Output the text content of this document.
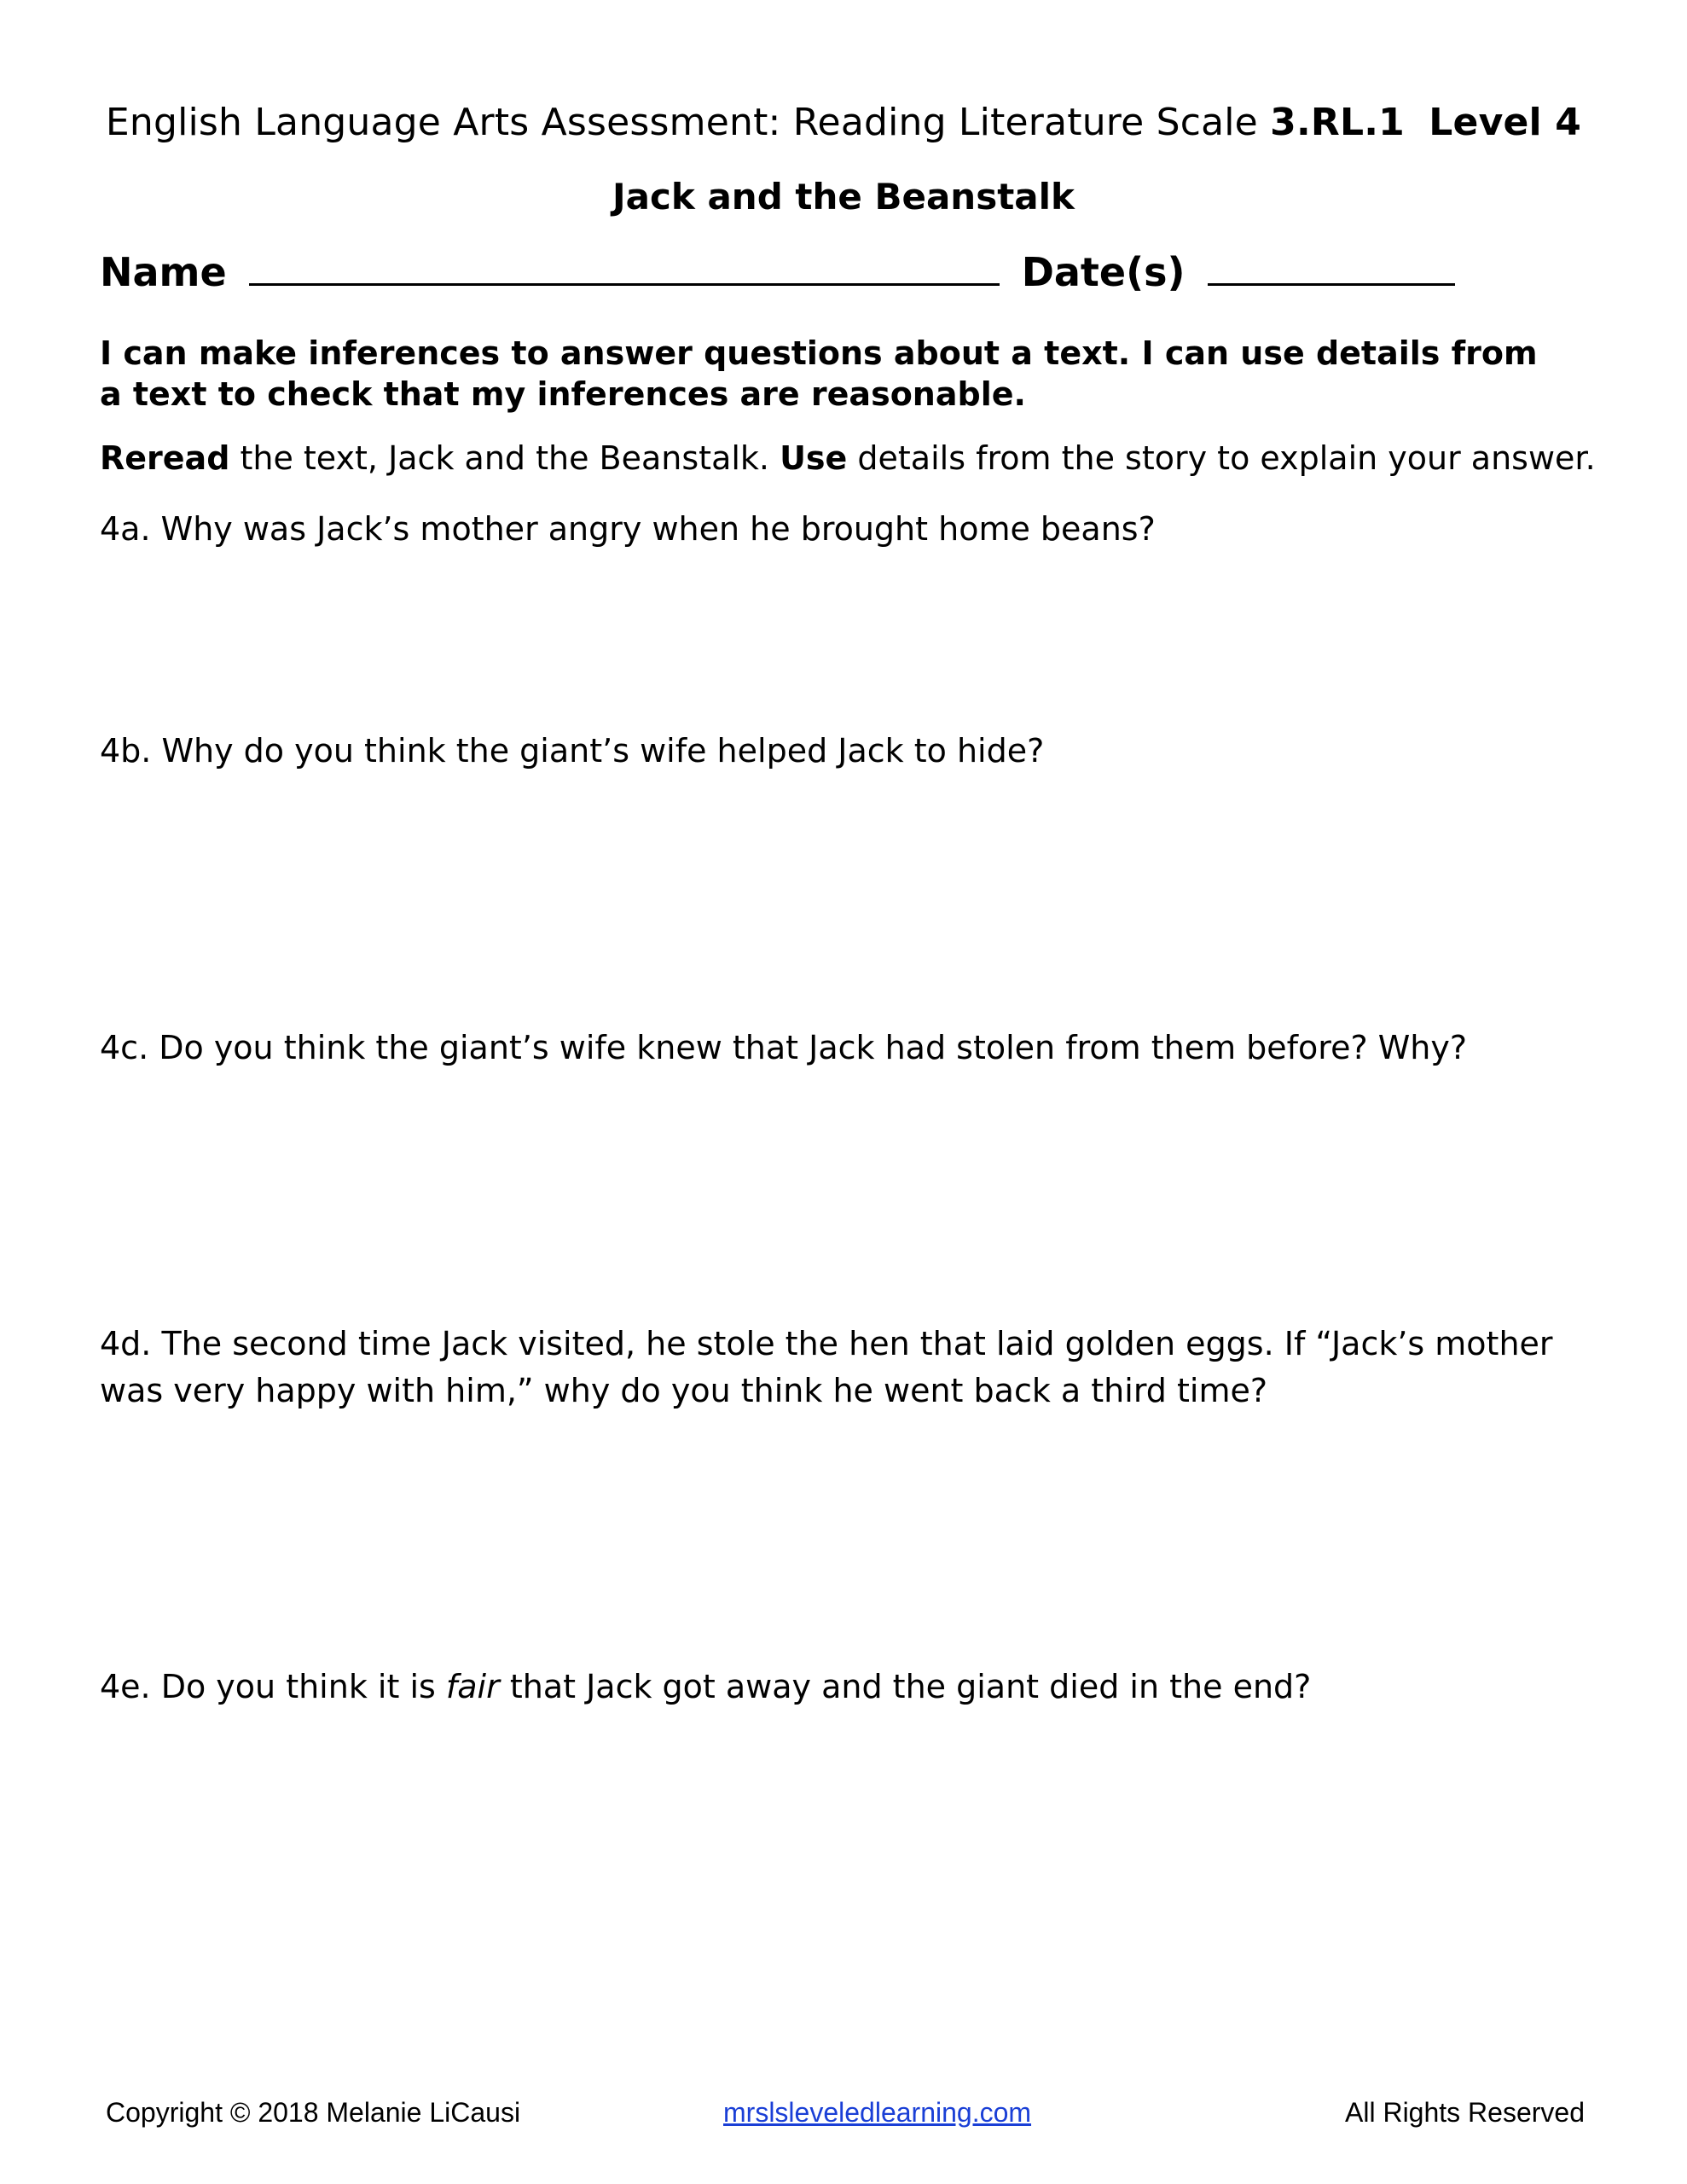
English Language Arts Assessment: Reading Literature Scale 3.RL.1 Level 4
Jack and the Beanstalk
Name	Date(s)
I can make inferences to answer questions about a text. I can use details from a text to check that my inferences are reasonable.
Reread the text, Jack and the Beanstalk. Use details from the story to explain your answer.
4a. Why was Jack’s mother angry when he brought home beans?
4b. Why do you think the giant’s wife helped Jack to hide?
4c. Do you think the giant’s wife knew that Jack had stolen from them before? Why?
4d. The second time Jack visited, he stole the hen that laid golden eggs. If “Jack’s mother was very happy with him,” why do you think he went back a third time?
4e. Do you think it is fair that Jack got away and the giant died in the end?
Copyright © 2018 Melanie LiCausi	mrslsleveledlearning.com	All Rights Reserved
